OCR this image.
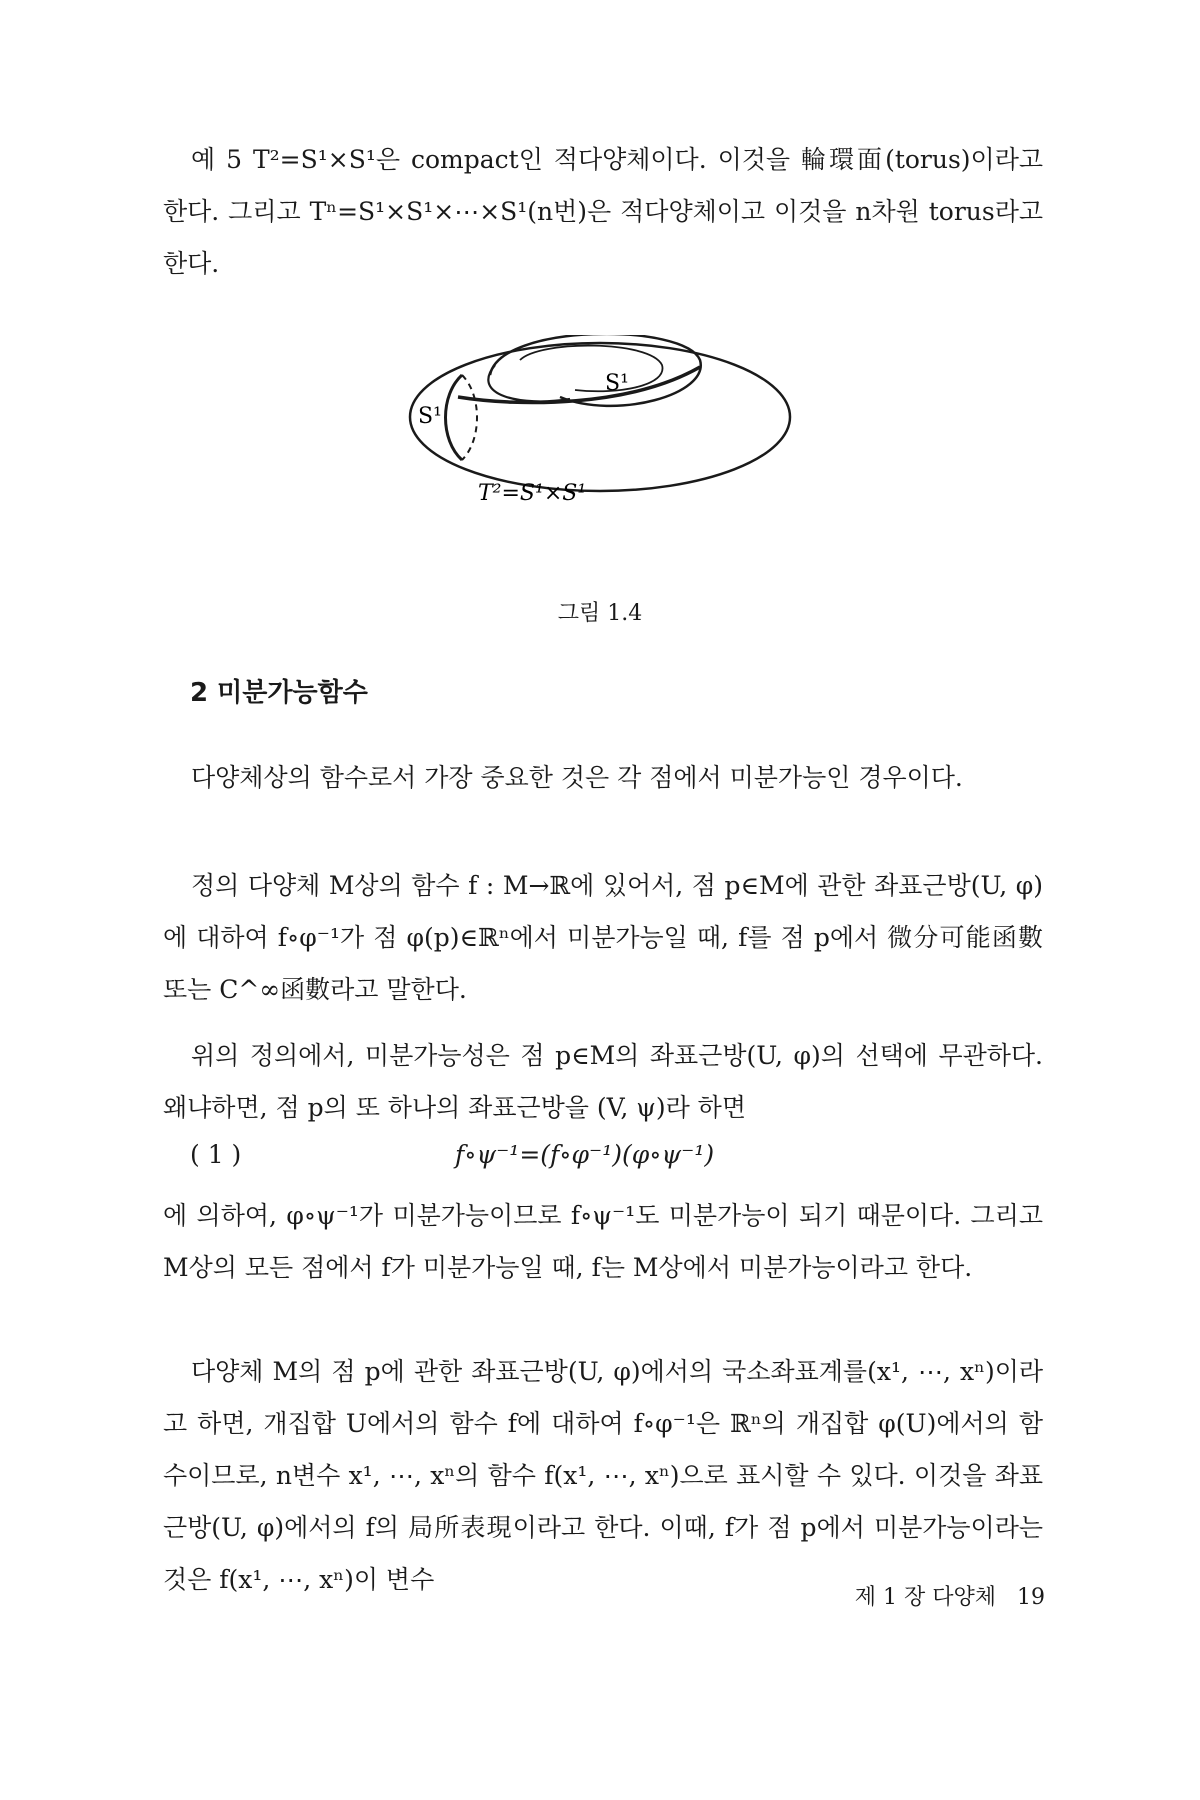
예 5 T²=S¹×S¹은 compact인 적다양체이다. 이것을 輪環面(torus)이라고 한다. 그리고 Tⁿ=S¹×S¹×⋯×S¹(n번)은 적다양체이고 이것을 n차원 torus라고 한다.

S¹
S¹
T²=S¹×S¹

그림 1.4

2 미분가능함수

다양체상의 함수로서 가장 중요한 것은 각 점에서 미분가능인 경우이다.

정의 다양체 M상의 함수 f : M→ℝ에 있어서, 점 p∈M에 관한 좌표근방(U, φ)에 대하여 f∘φ⁻¹가 점 φ(p)∈ℝⁿ에서 미분가능일 때, f를 점 p에서 微分可能函數 또는 C^∞函數라고 말한다.

위의 정의에서, 미분가능성은 점 p∈M의 좌표근방(U, φ)의 선택에 무관하다. 왜냐하면, 점 p의 또 하나의 좌표근방을 (V, ψ)라 하면

( 1 )	f∘ψ⁻¹=(f∘φ⁻¹)(φ∘ψ⁻¹)

에 의하여, φ∘ψ⁻¹가 미분가능이므로 f∘ψ⁻¹도 미분가능이 되기 때문이다. 그리고 M상의 모든 점에서 f가 미분가능일 때, f는 M상에서 미분가능이라고 한다.

다양체 M의 점 p에 관한 좌표근방(U, φ)에서의 국소좌표계를(x¹, ⋯, xⁿ)이라고 하면, 개집합 U에서의 함수 f에 대하여 f∘φ⁻¹은 ℝⁿ의 개집합 φ(U)에서의 함수이므로, n변수 x¹, ⋯, xⁿ의 함수 f(x¹, ⋯, xⁿ)으로 표시할 수 있다. 이것을 좌표근방(U, φ)에서의 f의 局所表現이라고 한다. 이때, f가 점 p에서 미분가능이라는 것은 f(x¹, ⋯, xⁿ)이 변수

제 1 장 다양체 19
